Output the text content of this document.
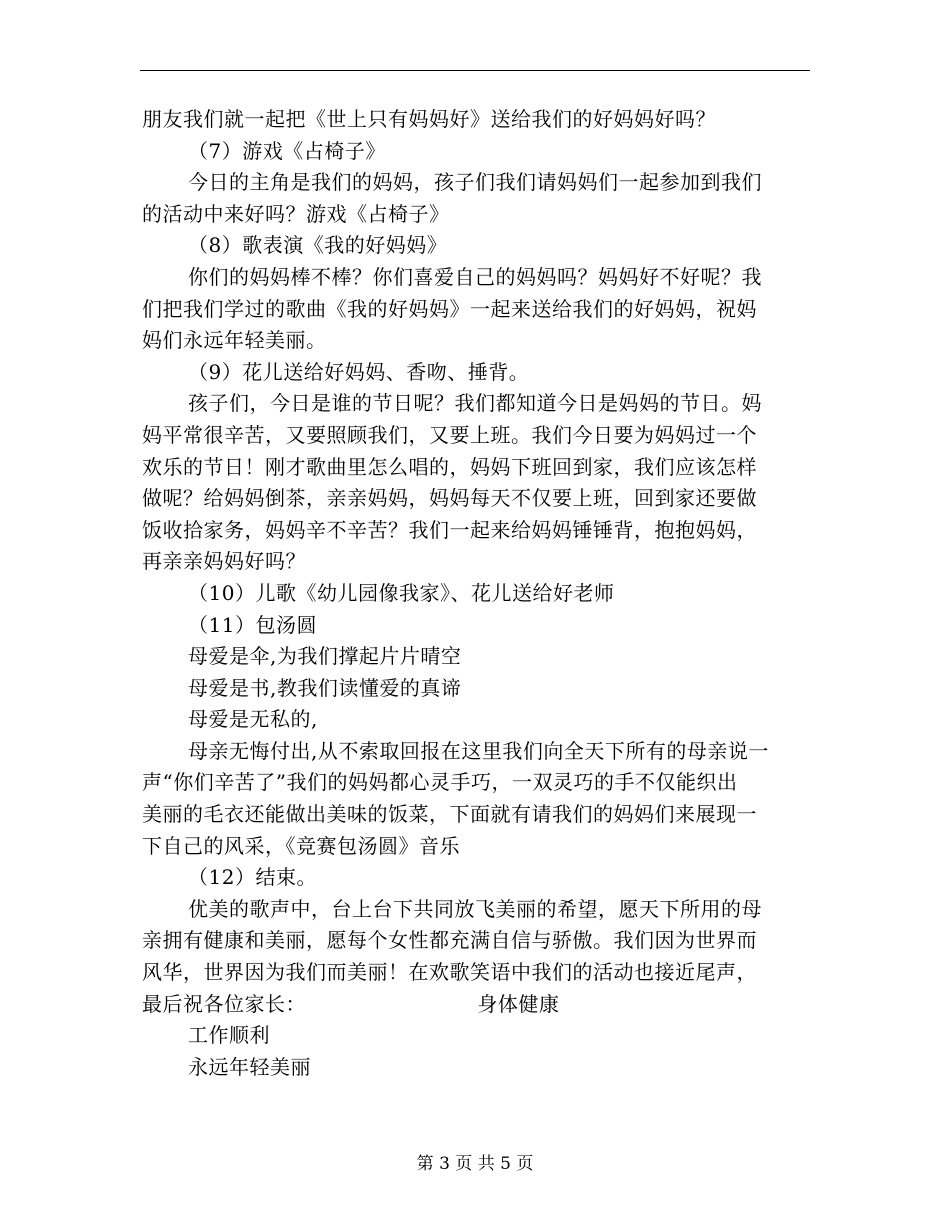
朋友我们就一起把《世上只有妈妈好》送给我们的好妈妈好吗？
（7）游戏《占椅子》
今日的主角是我们的妈妈，孩子们我们请妈妈们一起参加到我们
的活动中来好吗？游戏《占椅子》
（8）歌表演《我的好妈妈》
你们的妈妈棒不棒？你们喜爱自己的妈妈吗？妈妈好不好呢？我
们把我们学过的歌曲《我的好妈妈》一起来送给我们的好妈妈，祝妈
妈们永远年轻美丽。
（9）花儿送给好妈妈、香吻、捶背。
孩子们，今日是谁的节日呢？我们都知道今日是妈妈的节日。妈
妈平常很辛苦，又要照顾我们，又要上班。我们今日要为妈妈过一个
欢乐的节日！刚才歌曲里怎么唱的，妈妈下班回到家，我们应该怎样
做呢？给妈妈倒茶，亲亲妈妈，妈妈每天不仅要上班，回到家还要做
饭收拾家务，妈妈辛不辛苦？我们一起来给妈妈锤锤背，抱抱妈妈，
再亲亲妈妈好吗？
（10）儿歌《幼儿园像我家》、花儿送给好老师
（11）包汤圆
母爱是伞,为我们撑起片片晴空
母爱是书,教我们读懂爱的真谛
母爱是无私的,
母亲无悔付出,从不索取回报在这里我们向全天下所有的母亲说一
声“你们辛苦了”我们的妈妈都心灵手巧，一双灵巧的手不仅能织出
美丽的毛衣还能做出美味的饭菜，下面就有请我们的妈妈们来展现一
下自己的风采，《竞赛包汤圆》音乐
（12）结束。
优美的歌声中，台上台下共同放飞美丽的希望，愿天下所用的母
亲拥有健康和美丽，愿每个女性都充满自信与骄傲。我们因为世界而
风华，世界因为我们而美丽！在欢歌笑语中我们的活动也接近尾声，
最后祝各位家长：                         身体健康
工作顺利
永远年轻美丽
第 3 页 共 5 页
